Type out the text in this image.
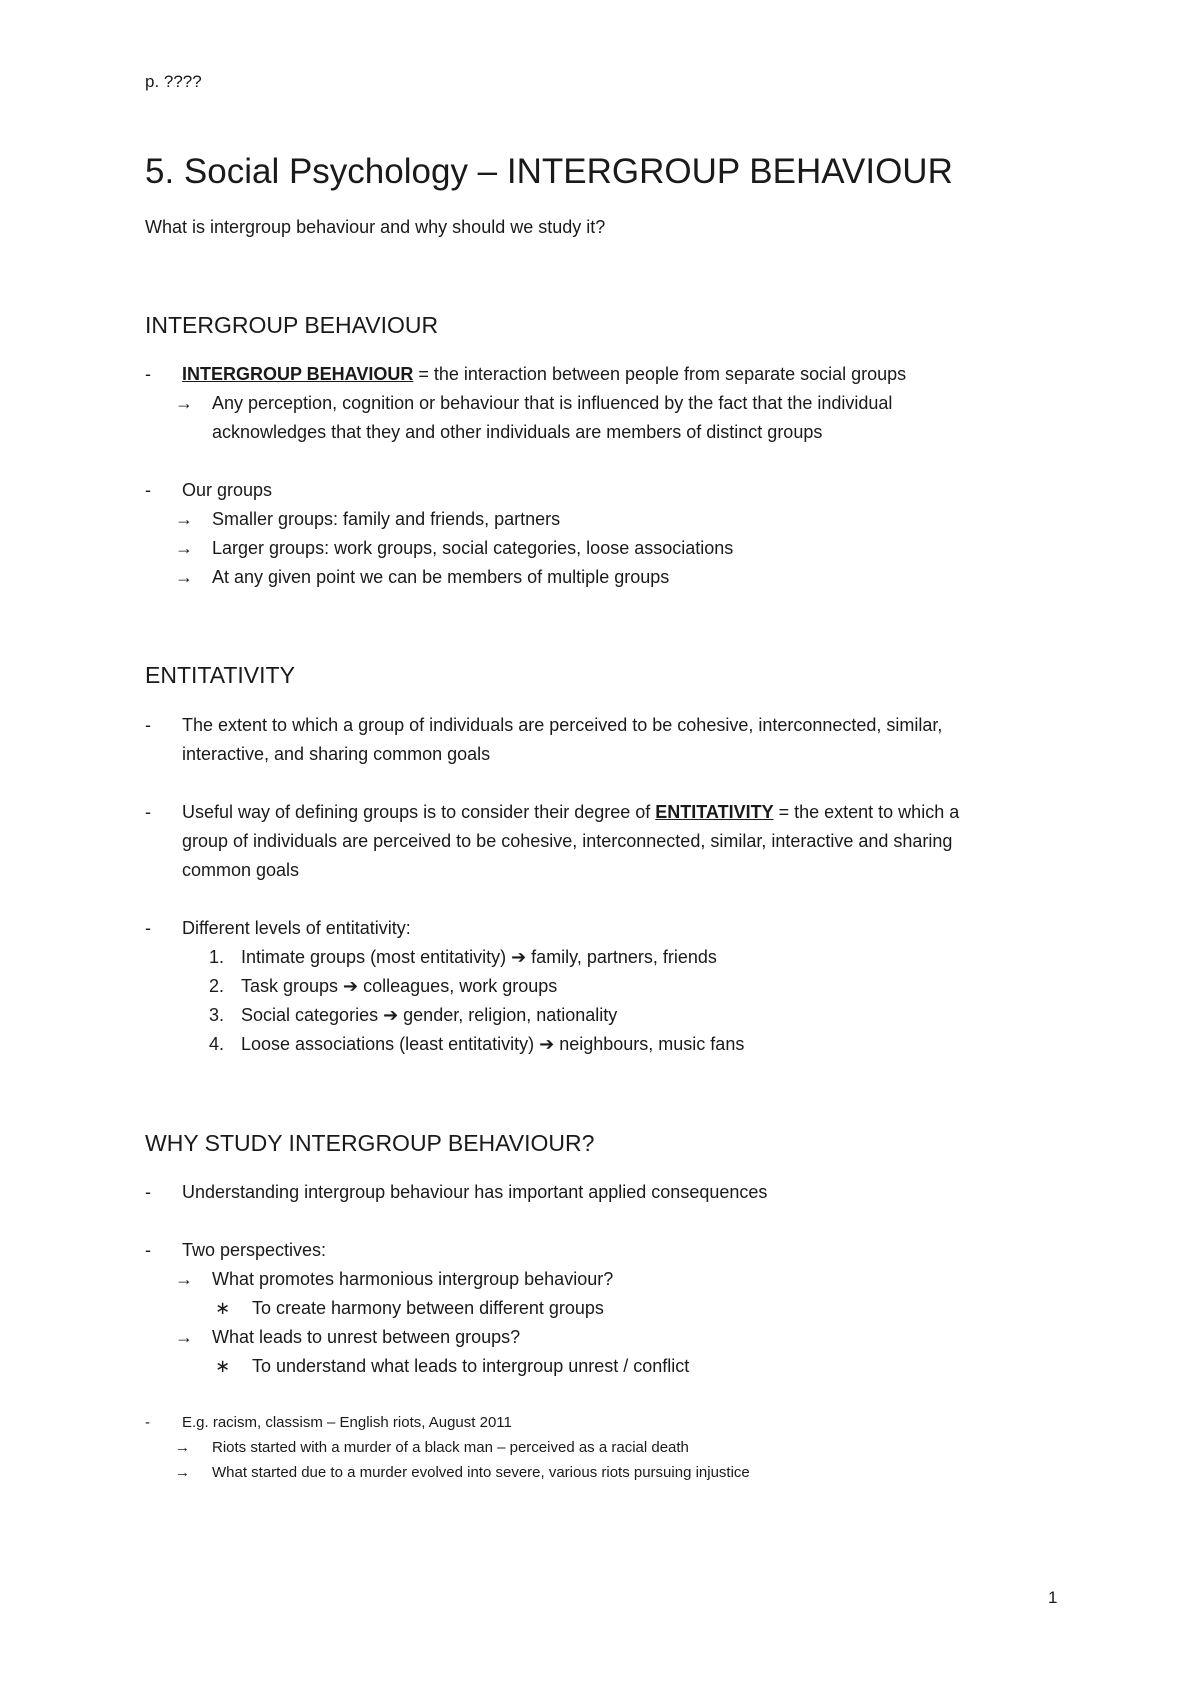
p. ????
5. Social Psychology – INTERGROUP BEHAVIOUR
What is intergroup behaviour and why should we study it?
INTERGROUP BEHAVIOUR
- INTERGROUP BEHAVIOUR = the interaction between people from separate social groups
→ Any perception, cognition or behaviour that is influenced by the fact that the individual
acknowledges that they and other individuals are members of distinct groups
- Our groups
→ Smaller groups: family and friends, partners
→ Larger groups: work groups, social categories, loose associations
→ At any given point we can be members of multiple groups
ENTITATIVITY
- The extent to which a group of individuals are perceived to be cohesive, interconnected, similar,
interactive, and sharing common goals
- Useful way of defining groups is to consider their degree of ENTITATIVITY = the extent to which a
group of individuals are perceived to be cohesive, interconnected, similar, interactive and sharing
common goals
- Different levels of entitativity:
1. Intimate groups (most entitativity) ➔ family, partners, friends
2. Task groups ➔ colleagues, work groups
3. Social categories ➔ gender, religion, nationality
4. Loose associations (least entitativity) ➔ neighbours, music fans
WHY STUDY INTERGROUP BEHAVIOUR?
- Understanding intergroup behaviour has important applied consequences
- Two perspectives:
→ What promotes harmonious intergroup behaviour?
∗ To create harmony between different groups
→ What leads to unrest between groups?
∗ To understand what leads to intergroup unrest / conflict
- E.g. racism, classism – English riots, August 2011
→ Riots started with a murder of a black man – perceived as a racial death
→ What started due to a murder evolved into severe, various riots pursuing injustice
1
